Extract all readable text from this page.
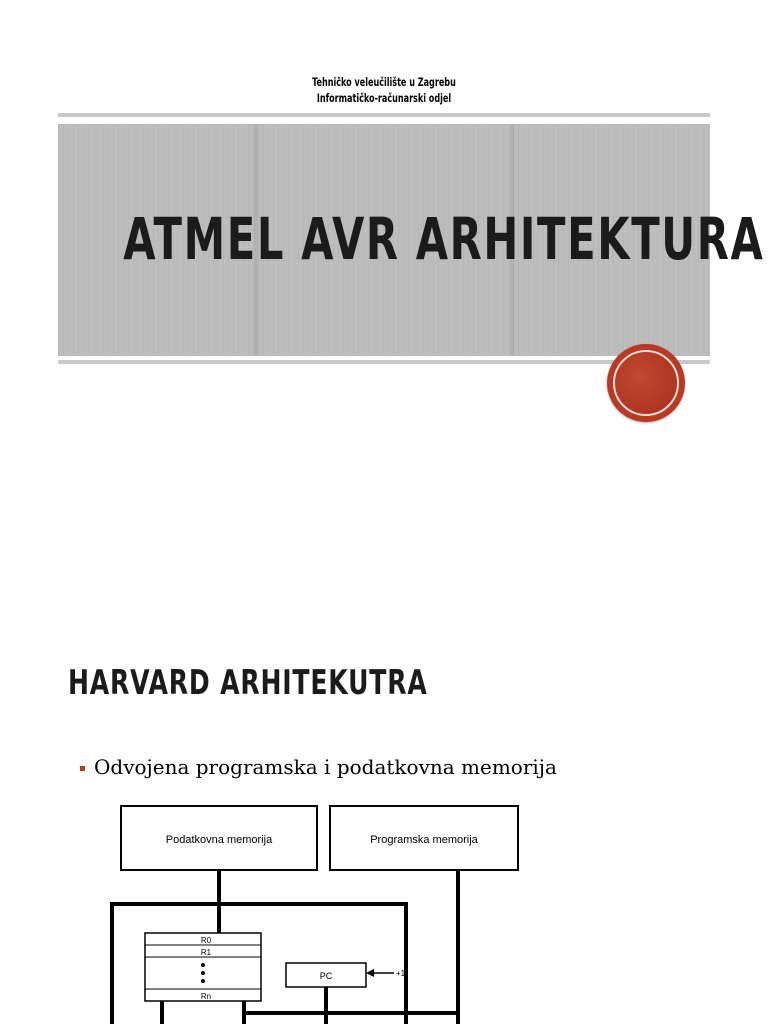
Tehničko veleučilište u Zagrebu
Informatičko-računarski odjel
ATMEL AVR ARHITEKTURA
HARVARD ARHITEKUTRA
Odvojena programska i podatkovna memorija
Podatkovna memorija	Programska memorija
R0
R1
Rn
PC	+1
